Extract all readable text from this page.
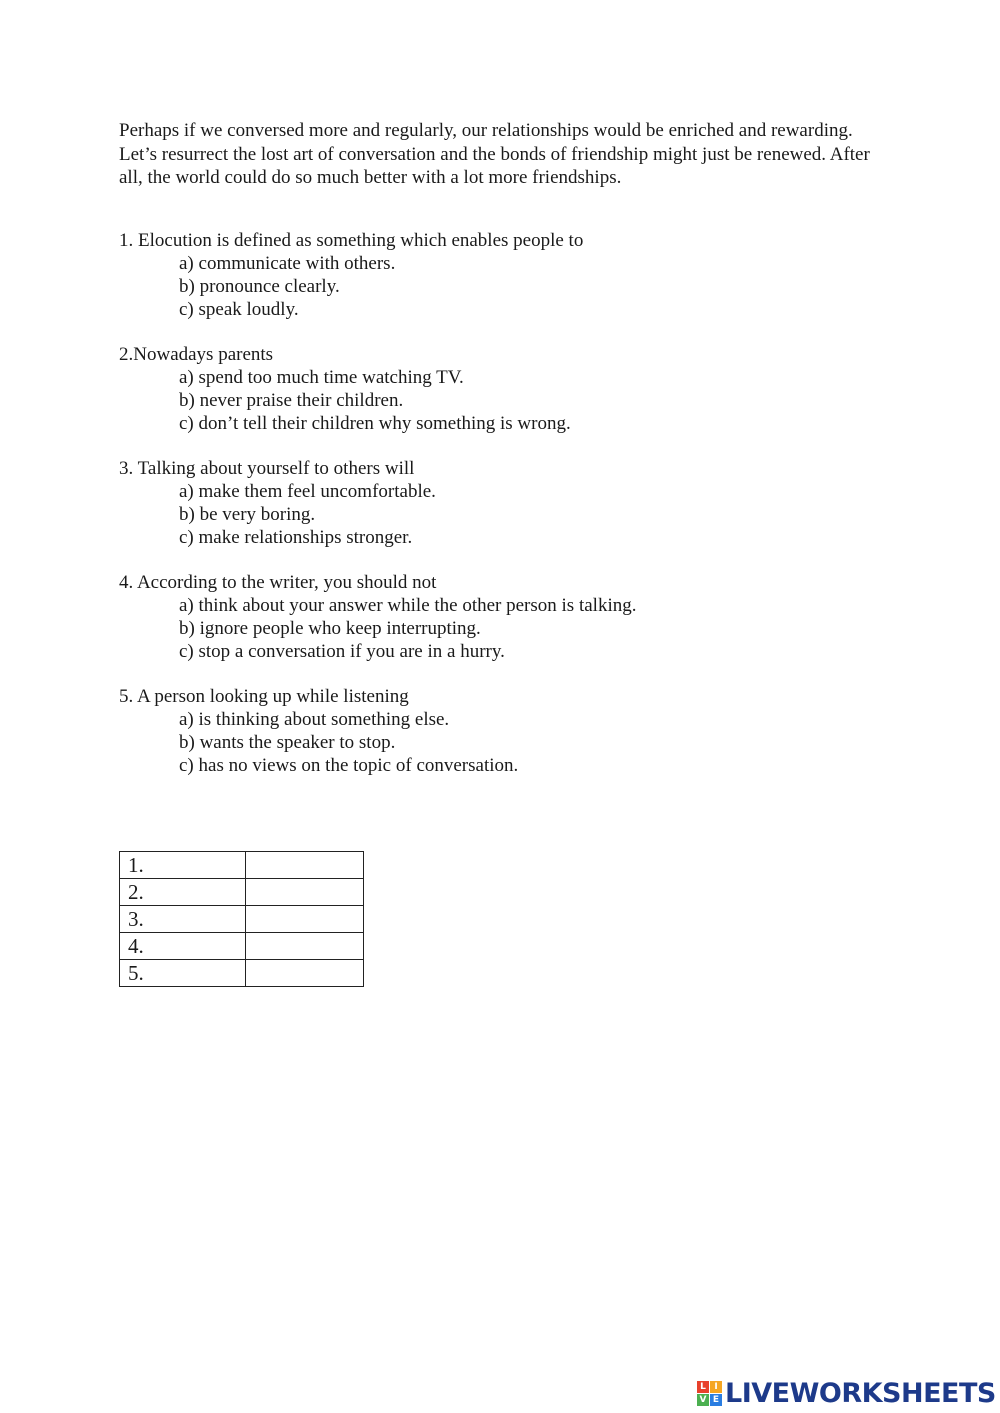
Perhaps if we conversed more and regularly, our relationships would be enriched and rewarding. Let’s resurrect the lost art of conversation and the bonds of friendship might just be renewed. After all, the world could do so much better with a lot more friendships.

1. Elocution is defined as something which enables people to

a) communicate with others.
b) pronounce clearly.
c) speak loudly.

2.Nowadays parents

a) spend too much time watching TV.
b) never praise their children.
c) don’t tell their children why something is wrong.

3. Talking about yourself to others will

a) make them feel uncomfortable.
b) be very boring.
c) make relationships stronger.

4. According to the writer, you should not

a) think about your answer while the other person is talking.
b) ignore people who keep interrupting.
c) stop a conversation if you are in a hurry.

5. A person looking up while listening

a) is thinking about something else.
b) wants the speaker to stop.
c) has no views on the topic of conversation.
1.	
2.	
3.	
4.	
5.	
L I
V E LIVEWORKSHEETS
